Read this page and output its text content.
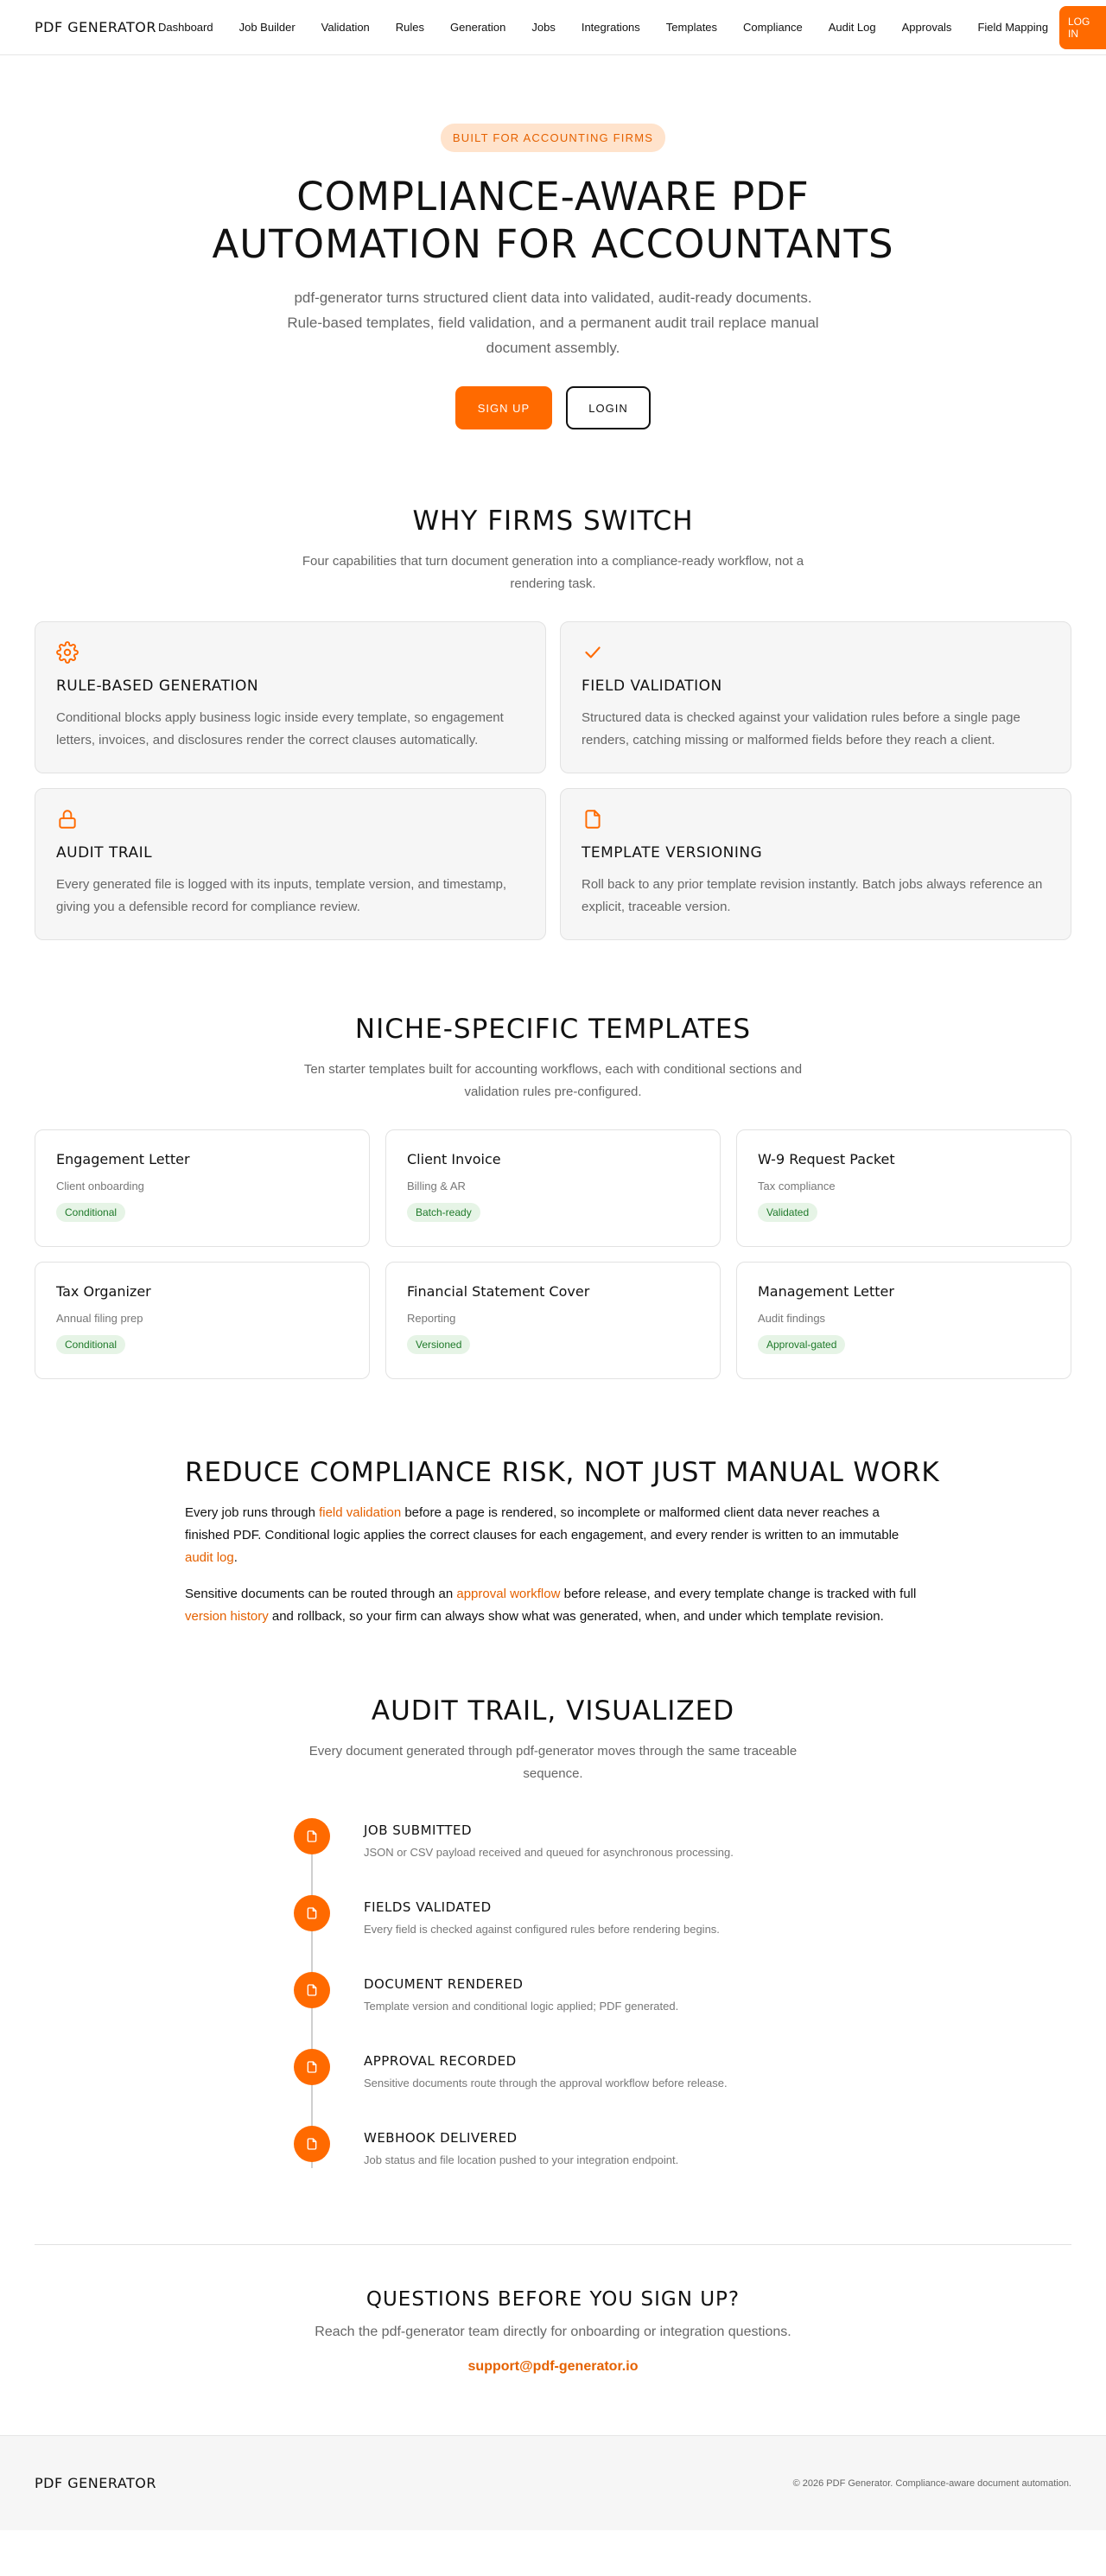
PDF GENERATOR Dashboard Job Builder Validation Rules Generation Jobs Integrations Templates Compliance Audit Log Approvals Field Mapping	LOG IN
BUILT FOR ACCOUNTING FIRMS
COMPLIANCE-AWARE PDF
AUTOMATION FOR ACCOUNTANTS

pdf-generator turns structured client data into validated, audit-ready documents. Rule-based templates, field validation, and a permanent audit trail replace manual document assembly.

SIGN UP	LOGIN
WHY FIRMS SWITCH

Four capabilities that turn document generation into a compliance-ready workflow, not a rendering task.

RULE-BASED GENERATION

Conditional blocks apply business logic inside every template, so engagement letters, invoices, and disclosures render the correct clauses automatically.

FIELD VALIDATION

Structured data is checked against your validation rules before a single page renders, catching missing or malformed fields before they reach a client.

AUDIT TRAIL

Every generated file is logged with its inputs, template version, and timestamp, giving you a defensible record for compliance review.

TEMPLATE VERSIONING

Roll back to any prior template revision instantly. Batch jobs always reference an explicit, traceable version.

NICHE-SPECIFIC TEMPLATES

Ten starter templates built for accounting workflows, each with conditional sections and validation rules pre-configured.

Engagement Letter
Client onboarding
Conditional
Client Invoice
Billing & AR
Batch-ready
W-9 Request Packet
Tax compliance
Validated
Tax Organizer
Annual filing prep
Conditional
Financial Statement Cover
Reporting
Versioned
Management Letter
Audit findings
Approval-gated
REDUCE COMPLIANCE RISK, NOT JUST MANUAL WORK

Every job runs through field validation before a page is rendered, so incomplete or malformed client data never reaches a finished PDF. Conditional logic applies the correct clauses for each engagement, and every render is written to an immutable audit log.

Sensitive documents can be routed through an approval workflow before release, and every template change is tracked with full version history and rollback, so your firm can always show what was generated, when, and under which template revision.

AUDIT TRAIL, VISUALIZED

Every document generated through pdf-generator moves through the same traceable sequence.

JOB SUBMITTED

JSON or CSV payload received and queued for asynchronous processing.

FIELDS VALIDATED

Every field is checked against configured rules before rendering begins.

DOCUMENT RENDERED

Template version and conditional logic applied; PDF generated.

APPROVAL RECORDED

Sensitive documents route through the approval workflow before release.

WEBHOOK DELIVERED

Job status and file location pushed to your integration endpoint.

QUESTIONS BEFORE YOU SIGN UP?

Reach the pdf-generator team directly for onboarding or integration questions.

support@pdf-generator.io
PDF GENERATOR	© 2026 PDF Generator. Compliance-aware document automation.
